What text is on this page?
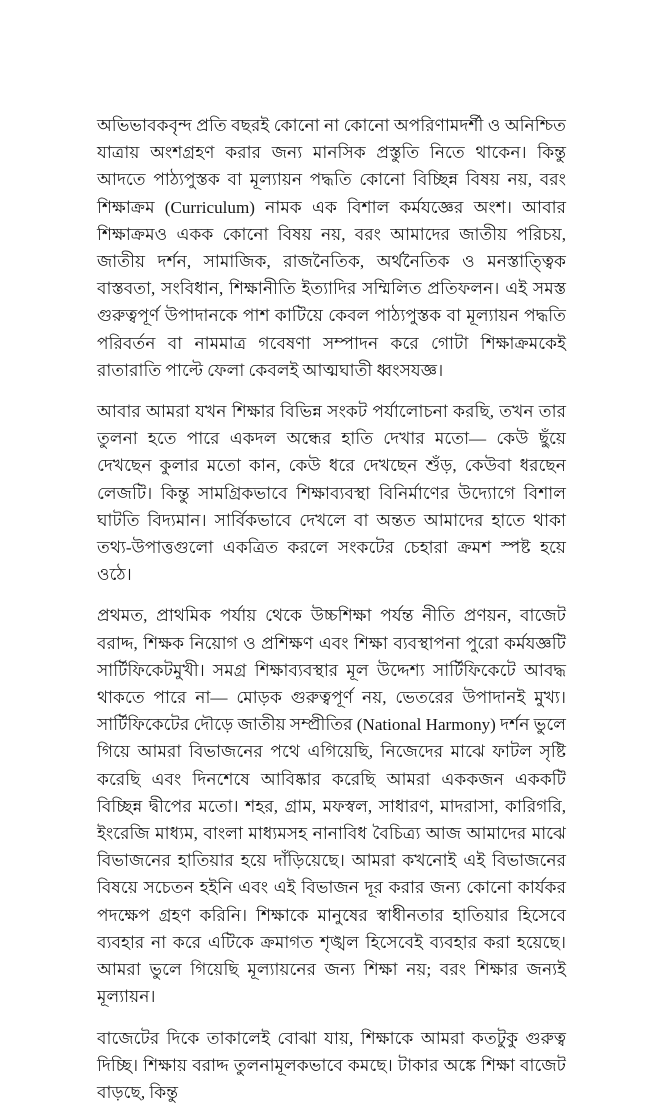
অভিভাবকবৃন্দ প্রতি বছরই কোনো না কোনো অপরিণামদর্শী ও অনিশ্চিত যাত্রায় অংশগ্রহণ করার জন্য মানসিক প্রস্তুতি নিতে থাকেন। কিন্তু আদতে পাঠ্যপুস্তক বা মূল্যায়ন পদ্ধতি কোনো বিচ্ছিন্ন বিষয় নয়, বরং শিক্ষাক্রম (Curriculum) নামক এক বিশাল কর্মযজ্ঞের অংশ। আবার শিক্ষাক্রমও একক কোনো বিষয় নয়, বরং আমাদের জাতীয় পরিচয়, জাতীয় দর্শন, সামাজিক, রাজনৈতিক, অর্থনৈতিক ও মনস্তাত্ত্বিক বাস্তবতা, সংবিধান, শিক্ষানীতি ইত্যাদির সম্মিলিত প্রতিফলন। এই সমস্ত গুরুত্বপূর্ণ উপাদানকে পাশ কাটিয়ে কেবল পাঠ্যপুস্তক বা মূল্যায়ন পদ্ধতি পরিবর্তন বা নামমাত্র গবেষণা সম্পাদন করে গোটা শিক্ষাক্রমকেই রাতারাতি পাল্টে ফেলা কেবলই আত্মঘাতী ধ্বংসযজ্ঞ।

আবার আমরা যখন শিক্ষার বিভিন্ন সংকট পর্যালোচনা করছি, তখন তার তুলনা হতে পারে একদল অন্ধের হাতি দেখার মতো— কেউ ছুঁয়ে দেখছেন কুলার মতো কান, কেউ ধরে দেখছেন শুঁড়, কেউবা ধরছেন লেজটি। কিন্তু সামগ্রিকভাবে শিক্ষাব্যবস্থা বিনির্মাণের উদ্যোগে বিশাল ঘাটতি বিদ্যমান। সার্বিকভাবে দেখলে বা অন্তত আমাদের হাতে থাকা তথ্য-উপাত্তগুলো একত্রিত করলে সংকটের চেহারা ক্রমশ স্পষ্ট হয়ে ওঠে।

প্রথমত, প্রাথমিক পর্যায় থেকে উচ্চশিক্ষা পর্যন্ত নীতি প্রণয়ন, বাজেট বরাদ্দ, শিক্ষক নিয়োগ ও প্রশিক্ষণ এবং শিক্ষা ব্যবস্থাপনা পুরো কর্মযজ্ঞটি সার্টিফিকেটমুখী। সমগ্র শিক্ষাব্যবস্থার মূল উদ্দেশ্য সার্টিফিকেটে আবদ্ধ থাকতে পারে না— মোড়ক গুরুত্বপূর্ণ নয়, ভেতরের উপাদানই মুখ্য। সার্টিফিকেটের দৌড়ে জাতীয় সম্প্রীতির (National Harmony) দর্শন ভুলে গিয়ে আমরা বিভাজনের পথে এগিয়েছি, নিজেদের মাঝে ফাটল সৃষ্টি করেছি এবং দিনশেষে আবিষ্কার করেছি আমরা এককজন এককটি বিচ্ছিন্ন দ্বীপের মতো। শহর, গ্রাম, মফস্বল, সাধারণ, মাদরাসা, কারিগরি, ইংরেজি মাধ্যম, বাংলা মাধ্যমসহ নানাবিধ বৈচিত্র্য আজ আমাদের মাঝে বিভাজনের হাতিয়ার হয়ে দাঁড়িয়েছে। আমরা কখনোই এই বিভাজনের বিষয়ে সচেতন হইনি এবং এই বিভাজন দূর করার জন্য কোনো কার্যকর পদক্ষেপ গ্রহণ করিনি। শিক্ষাকে মানুষের স্বাধীনতার হাতিয়ার হিসেবে ব্যবহার না করে এটিকে ক্রমাগত শৃঙ্খল হিসেবেই ব্যবহার করা হয়েছে। আমরা ভুলে গিয়েছি মূল্যায়নের জন্য শিক্ষা নয়; বরং শিক্ষার জন্যই মূল্যায়ন।

বাজেটের দিকে তাকালেই বোঝা যায়, শিক্ষাকে আমরা কতটুকু গুরুত্ব দিচ্ছি। শিক্ষায় বরাদ্দ তুলনামূলকভাবে কমছে। টাকার অঙ্কে শিক্ষা বাজেট বাড়ছে, কিন্তু
